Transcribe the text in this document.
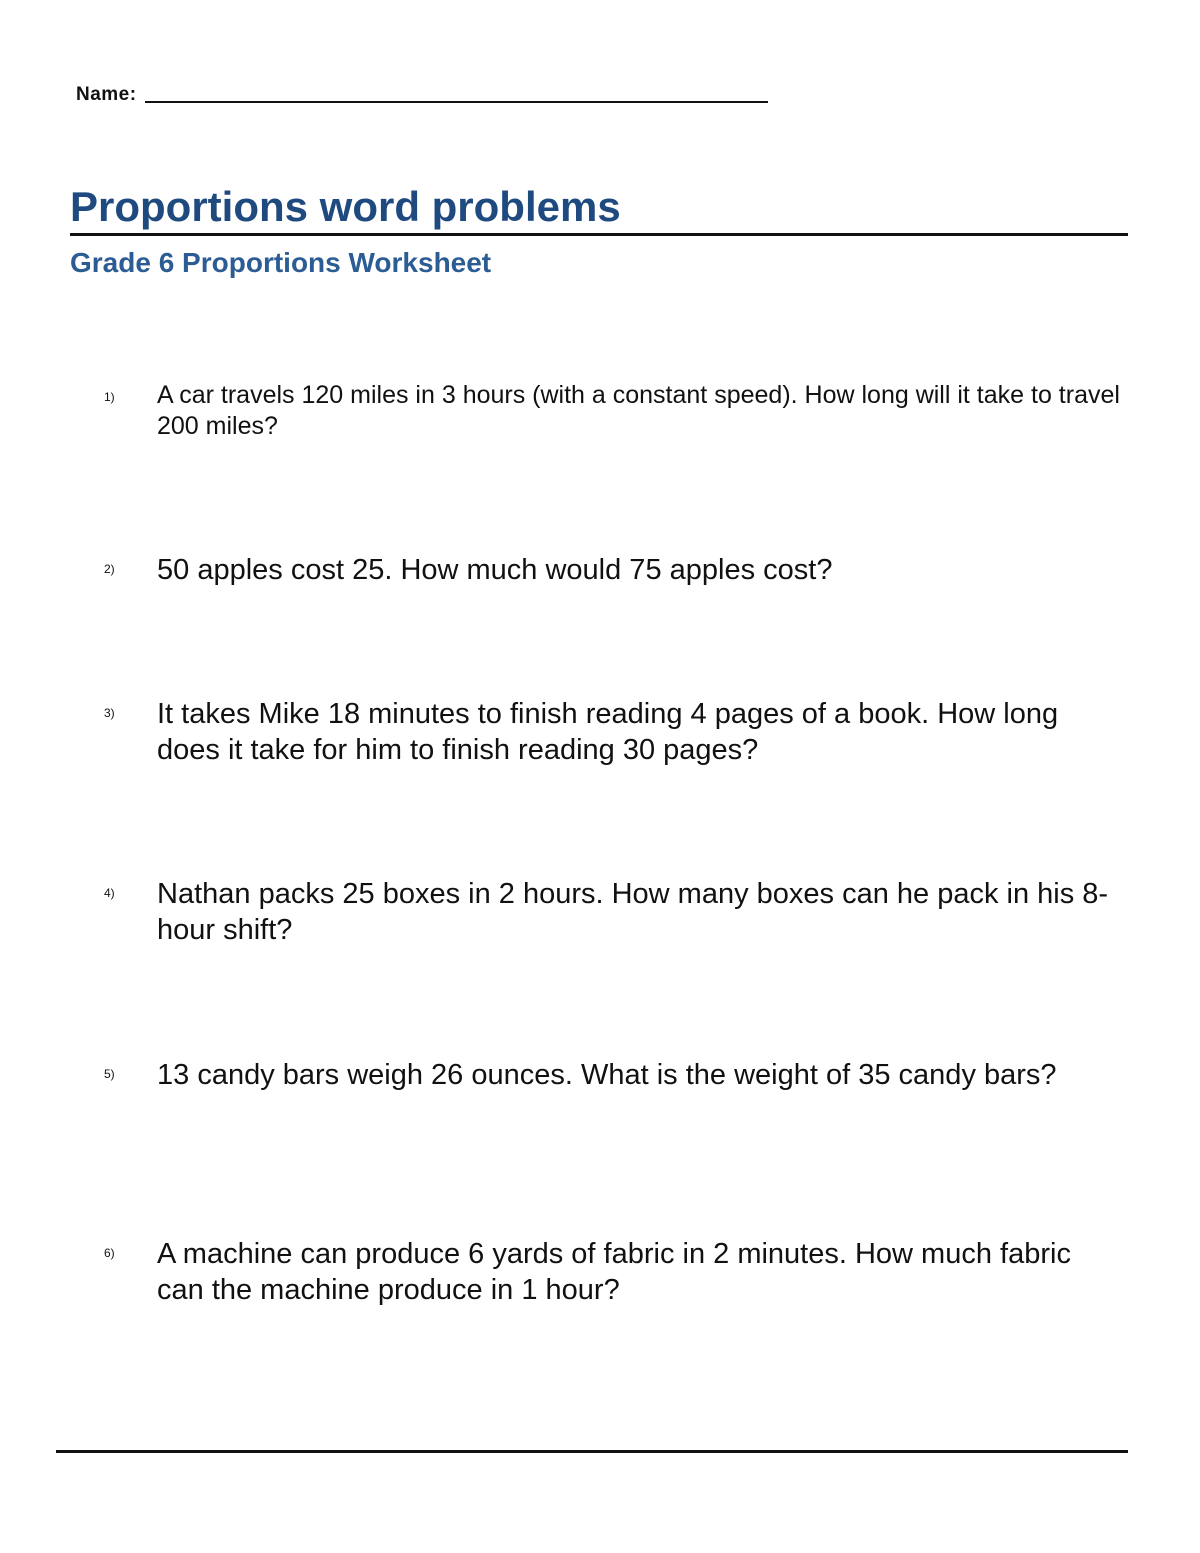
Name:
Proportions word problems
Grade 6 Proportions Worksheet
1)	A car travels 120 miles in 3 hours (with a constant speed). How long will it take to travel 200 miles?
2)	50 apples cost 25. How much would 75 apples cost?
3)	It takes Mike 18 minutes to finish reading 4 pages of a book. How long does it take for him to finish reading 30 pages?
4)	Nathan packs 25 boxes in 2 hours. How many boxes can he pack in his 8-hour shift?
5)	13 candy bars weigh 26 ounces. What is the weight of 35 candy bars?
6)	A machine can produce 6 yards of fabric in 2 minutes. How much fabric can the machine produce in 1 hour?
